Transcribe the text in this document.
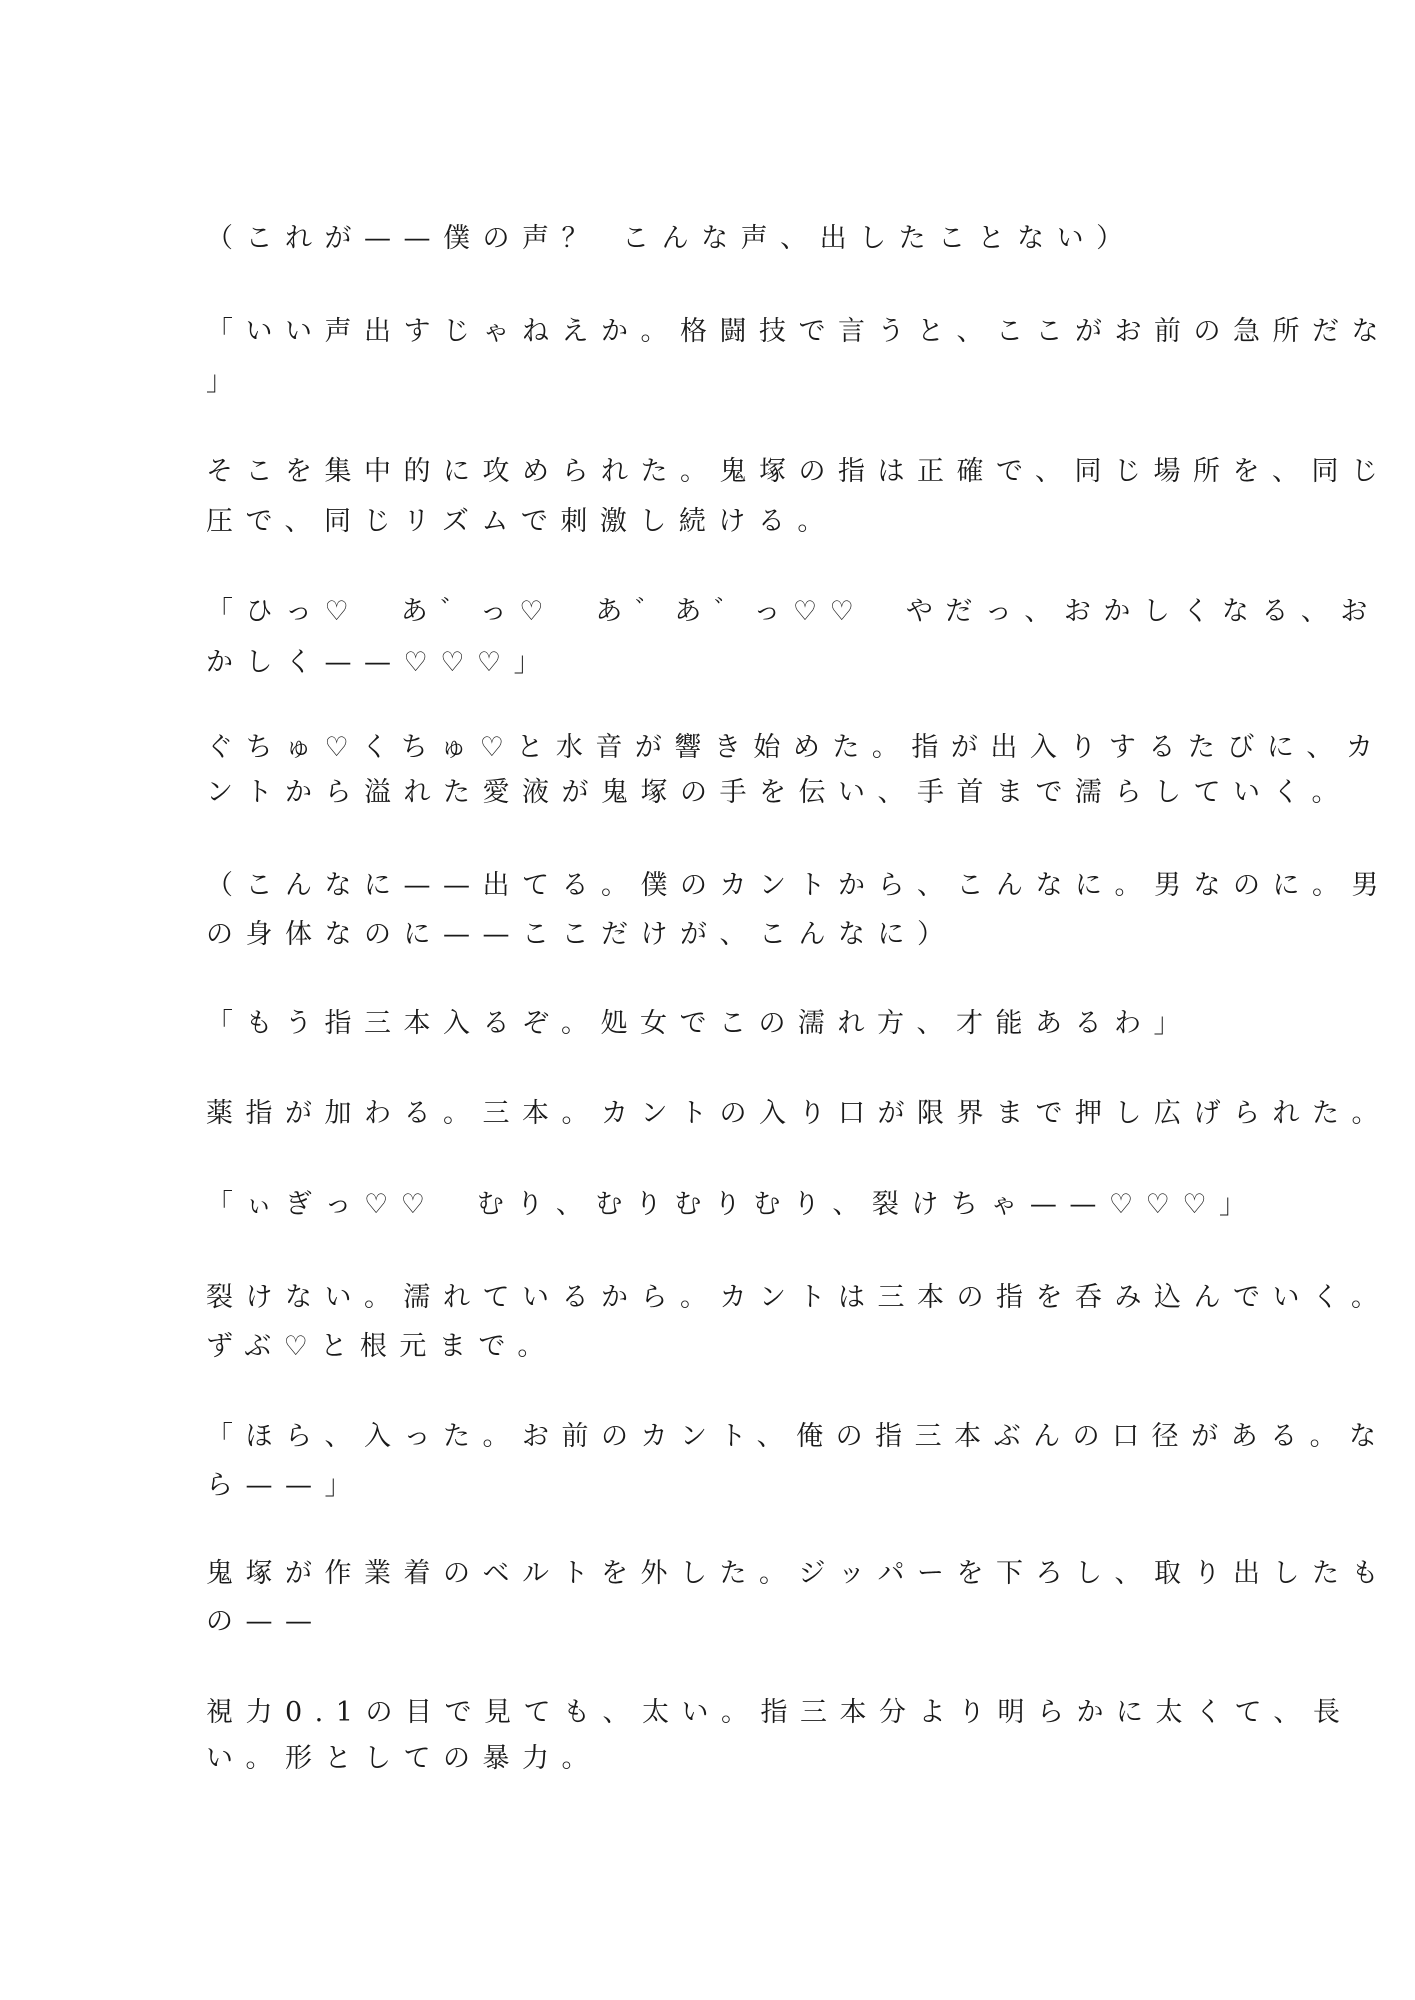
（これが——僕の声？ こんな声、出したことない）
「いい声出すじゃねえか。格闘技で言うと、ここがお前の急所だな
」
そこを集中的に攻められた。鬼塚の指は正確で、同じ場所を、同じ
圧で、同じリズムで刺激し続ける。
「ひっ♡　あ゛っ♡　あ゛あ゛っ♡♡　やだっ、おかしくなる、お
かしく——♡♡♡」
ぐちゅ♡くちゅ♡と水音が響き始めた。指が出入りするたびに、カ
ントから溢れた愛液が鬼塚の手を伝い、手首まで濡らしていく。
（こんなに——出てる。僕のカントから、こんなに。男なのに。男
の身体なのに——ここだけが、こんなに）
「もう指三本入るぞ。処女でこの濡れ方、才能あるわ」
薬指が加わる。三本。カントの入り口が限界まで押し広げられた。
「ぃぎっ♡♡　むり、むりむりむり、裂けちゃ——♡♡♡」
裂けない。濡れているから。カントは三本の指を呑み込んでいく。
ずぶ♡と根元まで。
「ほら、入った。お前のカント、俺の指三本ぶんの口径がある。な
ら——」
鬼塚が作業着のベルトを外した。ジッパーを下ろし、取り出したも
の——
視力0.1の目で見ても、太い。指三本分より明らかに太くて、長
い。形としての暴力。
